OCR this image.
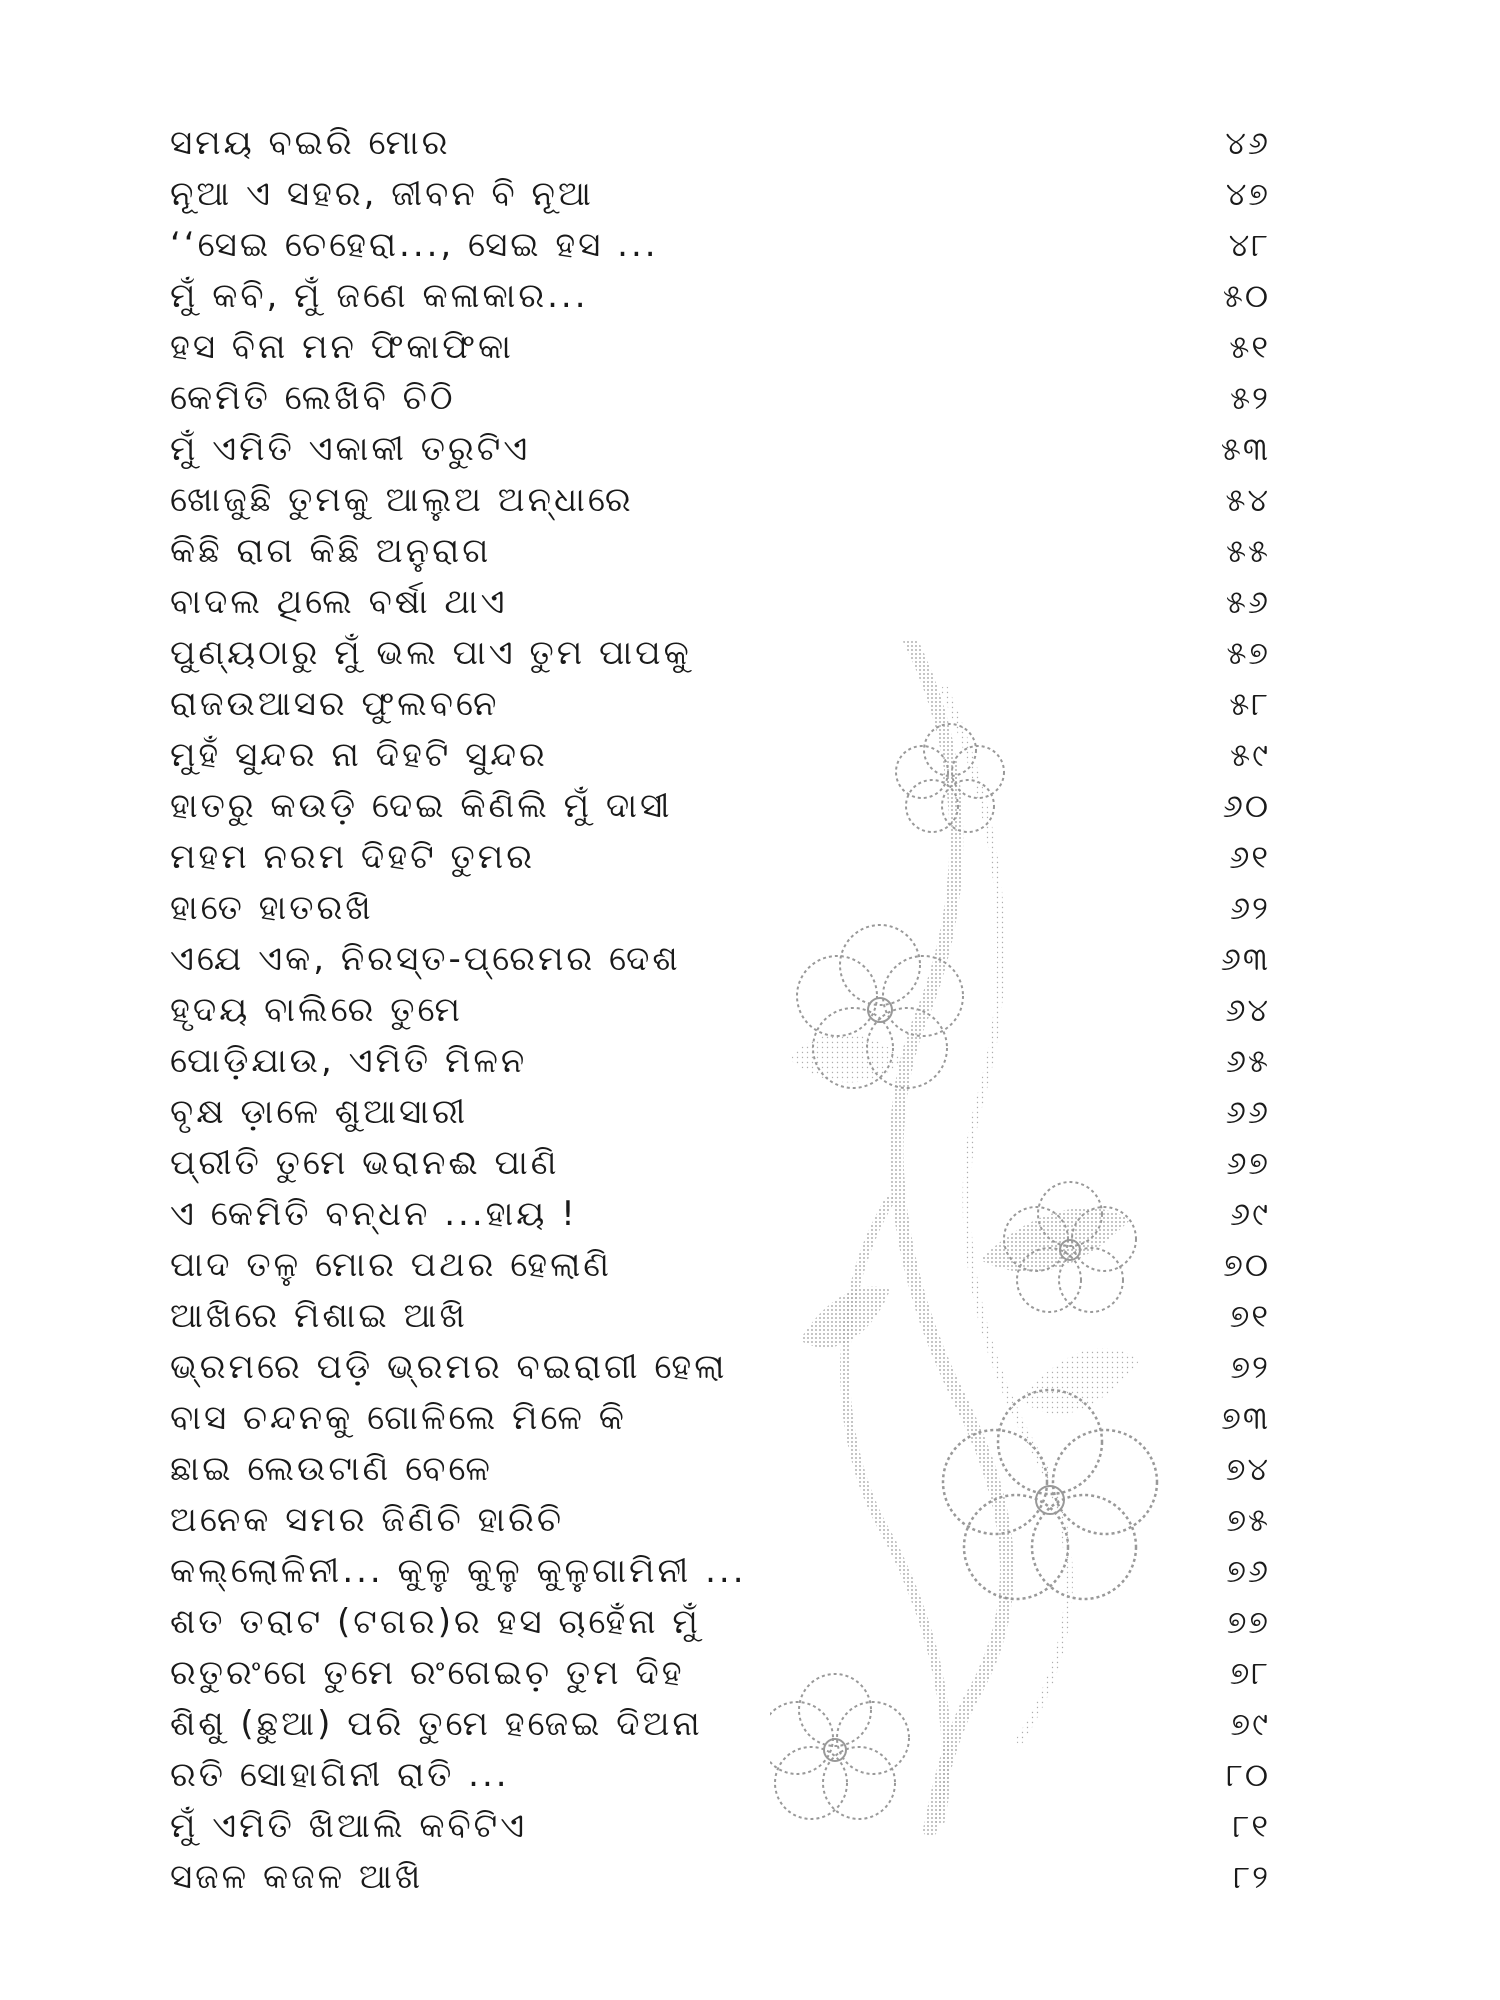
ସମୟ ବଇରି ମୋର	୪୬
ନୂଆ ଏ ସହର, ଜୀବନ ବି ନୂଆ	୪୭
‘‘ସେଇ ଚେହେରା..., ସେଇ ହସ ...	୪୮
ମୁଁ କବି, ମୁଁ ଜଣେ କଳାକାର...	୫୦
ହସ ବିନା ମନ ଫିକାଫିକା	୫୧
କେମିତି ଲେଖିବି ଚିଠି	୫୨
ମୁଁ ଏମିତି ଏକାକୀ ତରୁଟିଏ	୫୩
ଖୋଜୁଛି ତୁମକୁ ଆଲୁଅ ଅନ୍ଧାରେ	୫୪
କିଛି ରାଗ କିଛି ଅନୁରାଗ	୫୫
ବାଦଲ ଥିଲେ ବର୍ଷା ଥାଏ	୫୬
ପୁଣ୍ୟଠାରୁ ମୁଁ ଭଲ ପାଏ ତୁମ ପାପକୁ	୫୭
ରାଜଉଆସର ଫୁଲବନେ	୫୮
ମୁହଁ ସୁନ୍ଦର ନା ଦିହଟି ସୁନ୍ଦର	୫୯
ହାତରୁ କଉଡ଼ି ଦେଇ କିଣିଲି ମୁଁ ଦାସୀ	୬୦
ମହମ ନରମ ଦିହଟି ତୁମର	୬୧
ହାତେ ହାତରଖି	୬୨
ଏଯେ ଏକ, ନିରସ୍ତ-ପ୍ରେମର ଦେଶ	୬୩
ହୃଦୟ ବାଲିରେ ତୁମେ	୬୪
ପୋଡ଼ିଯାଉ, ଏମିତି ମିଳନ	୬୫
ବୃକ୍ଷ ଡ଼ାଳେ ଶୁଆସାରୀ	୬୬
ପ୍ରୀତି ତୁମେ ଭରାନଈ ପାଣି	୬୭
ଏ କେମିତି ବନ୍ଧନ ...ହାୟ !	୬୯
ପାଦ ତଳୁ ମୋର ପଥର ହେଲାଣି	୭୦
ଆଖିରେ ମିଶାଇ ଆଖି	୭୧
ଭ୍ରମରେ ପଡ଼ି ଭ୍ରମର ବଇରାଗୀ ହେଲା	୭୨
ବାସ ଚନ୍ଦନକୁ ଗୋଳିଲେ ମିଳେ କି	୭୩
ଛାଇ ଲେଉଟାଣି ବେଳେ	୭୪
ଅନେକ ସମର ଜିଣିଚି ହାରିଚି	୭୫
କଲ୍ଲୋଳିନୀ... କୁଳୁ କୁଳୁ କୁଳୁଗାମିନୀ ...	୭୬
ଶତ ତରାଟ (ଟଗର)ର ହସ ଚାହେଁନା ମୁଁ	୭୭
ରତୁରଂଗେ ତୁମେ ରଂଗେଇଚ଼ ତୁମ ଦିହ	୭୮
ଶିଶୁ (ଛୁଆ) ପରି ତୁମେ ହଜେଇ ଦିଅନା	୭୯
ରତି ସୋହାଗିନୀ ରାତି ...	୮୦
ମୁଁ ଏମିତି ଖିଆଲି କବିଟିଏ	୮୧
ସଜଳ କଜଳ ଆଖି	୮୨
